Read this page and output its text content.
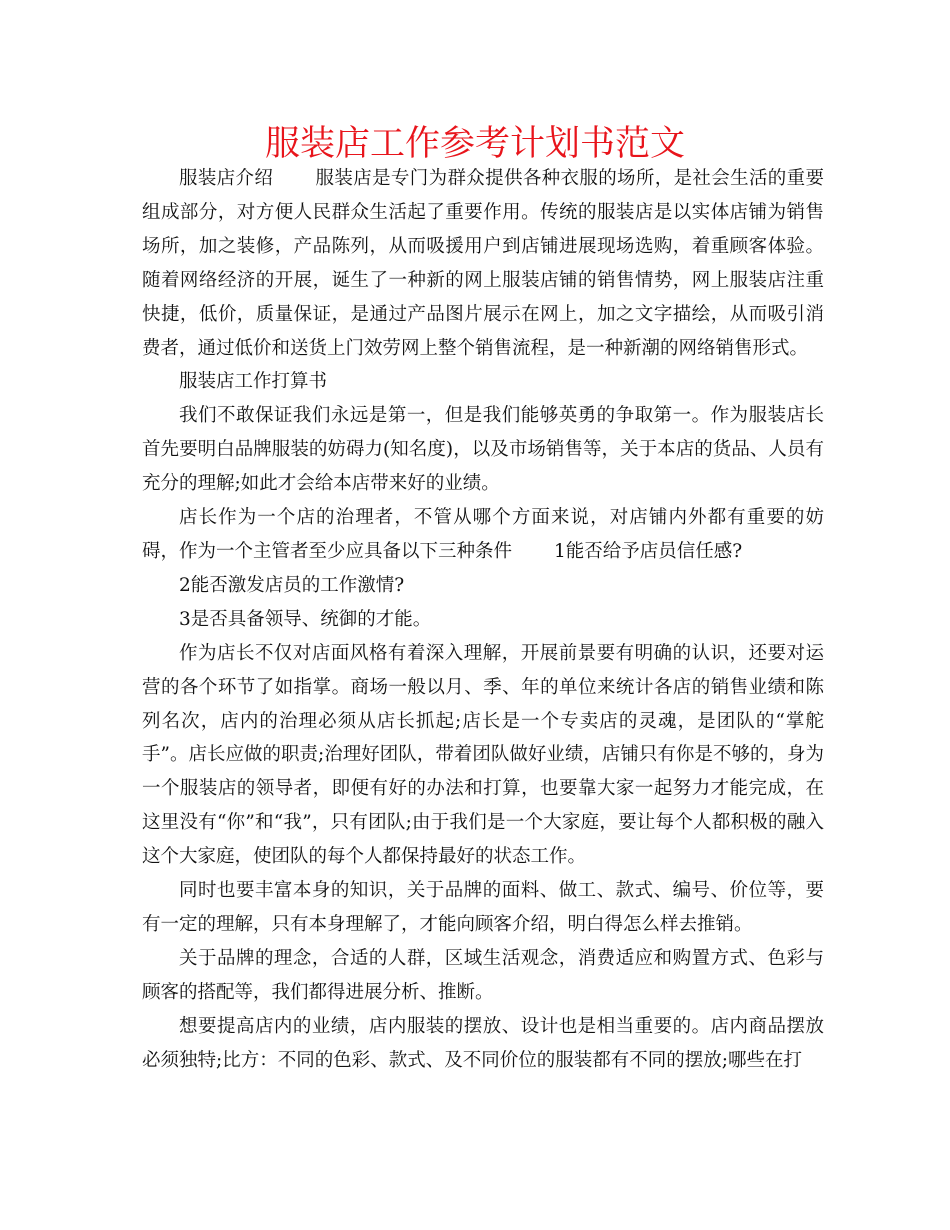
服装店工作参考计划书范文

服装店介绍 服装店是专门为群众提供各种衣服的场所，是社会生活的重要组成部分，对方便人民群众生活起了重要作用。传统的服装店是以实体店铺为销售场所，加之装修，产品陈列，从而吸援用户到店铺进展现场选购，着重顾客体验。随着网络经济的开展，诞生了一种新的网上服装店铺的销售情势，网上服装店注重快捷，低价，质量保证，是通过产品图片展示在网上，加之文字描绘，从而吸引消费者，通过低价和送货上门效劳网上整个销售流程，是一种新潮的网络销售形式。

服装店工作打算书

我们不敢保证我们永远是第一，但是我们能够英勇的争取第一。作为服装店长首先要明白品牌服装的妨碍力(知名度)，以及市场销售等，关于本店的货品、人员有充分的理解;如此才会给本店带来好的业绩。

店长作为一个店的治理者，不管从哪个方面来说，对店铺内外都有重要的妨碍，作为一个主管者至少应具备以下三种条件 1能否给予店员信任感?

2能否激发店员的工作激情?

3是否具备领导、统御的才能。

作为店长不仅对店面风格有着深入理解，开展前景要有明确的认识，还要对运营的各个环节了如指掌。商场一般以月、季、年的单位来统计各店的销售业绩和陈列名次，店内的治理必须从店长抓起;店长是一个专卖店的灵魂，是团队的“掌舵手”。店长应做的职责;治理好团队，带着团队做好业绩，店铺只有你是不够的，身为一个服装店的领导者，即便有好的办法和打算，也要靠大家一起努力才能完成，在这里没有“你”和“我”，只有团队;由于我们是一个大家庭，要让每个人都积极的融入这个大家庭，使团队的每个人都保持最好的状态工作。

同时也要丰富本身的知识，关于品牌的面料、做工、款式、编号、价位等，要有一定的理解，只有本身理解了，才能向顾客介绍，明白得怎么样去推销。

关于品牌的理念，合适的人群，区域生活观念，消费适应和购置方式、色彩与顾客的搭配等，我们都得进展分析、推断。

想要提高店内的业绩，店内服装的摆放、设计也是相当重要的。店内商品摆放必须独特;比方：不同的色彩、款式、及不同价位的服装都有不同的摆放;哪些在打
